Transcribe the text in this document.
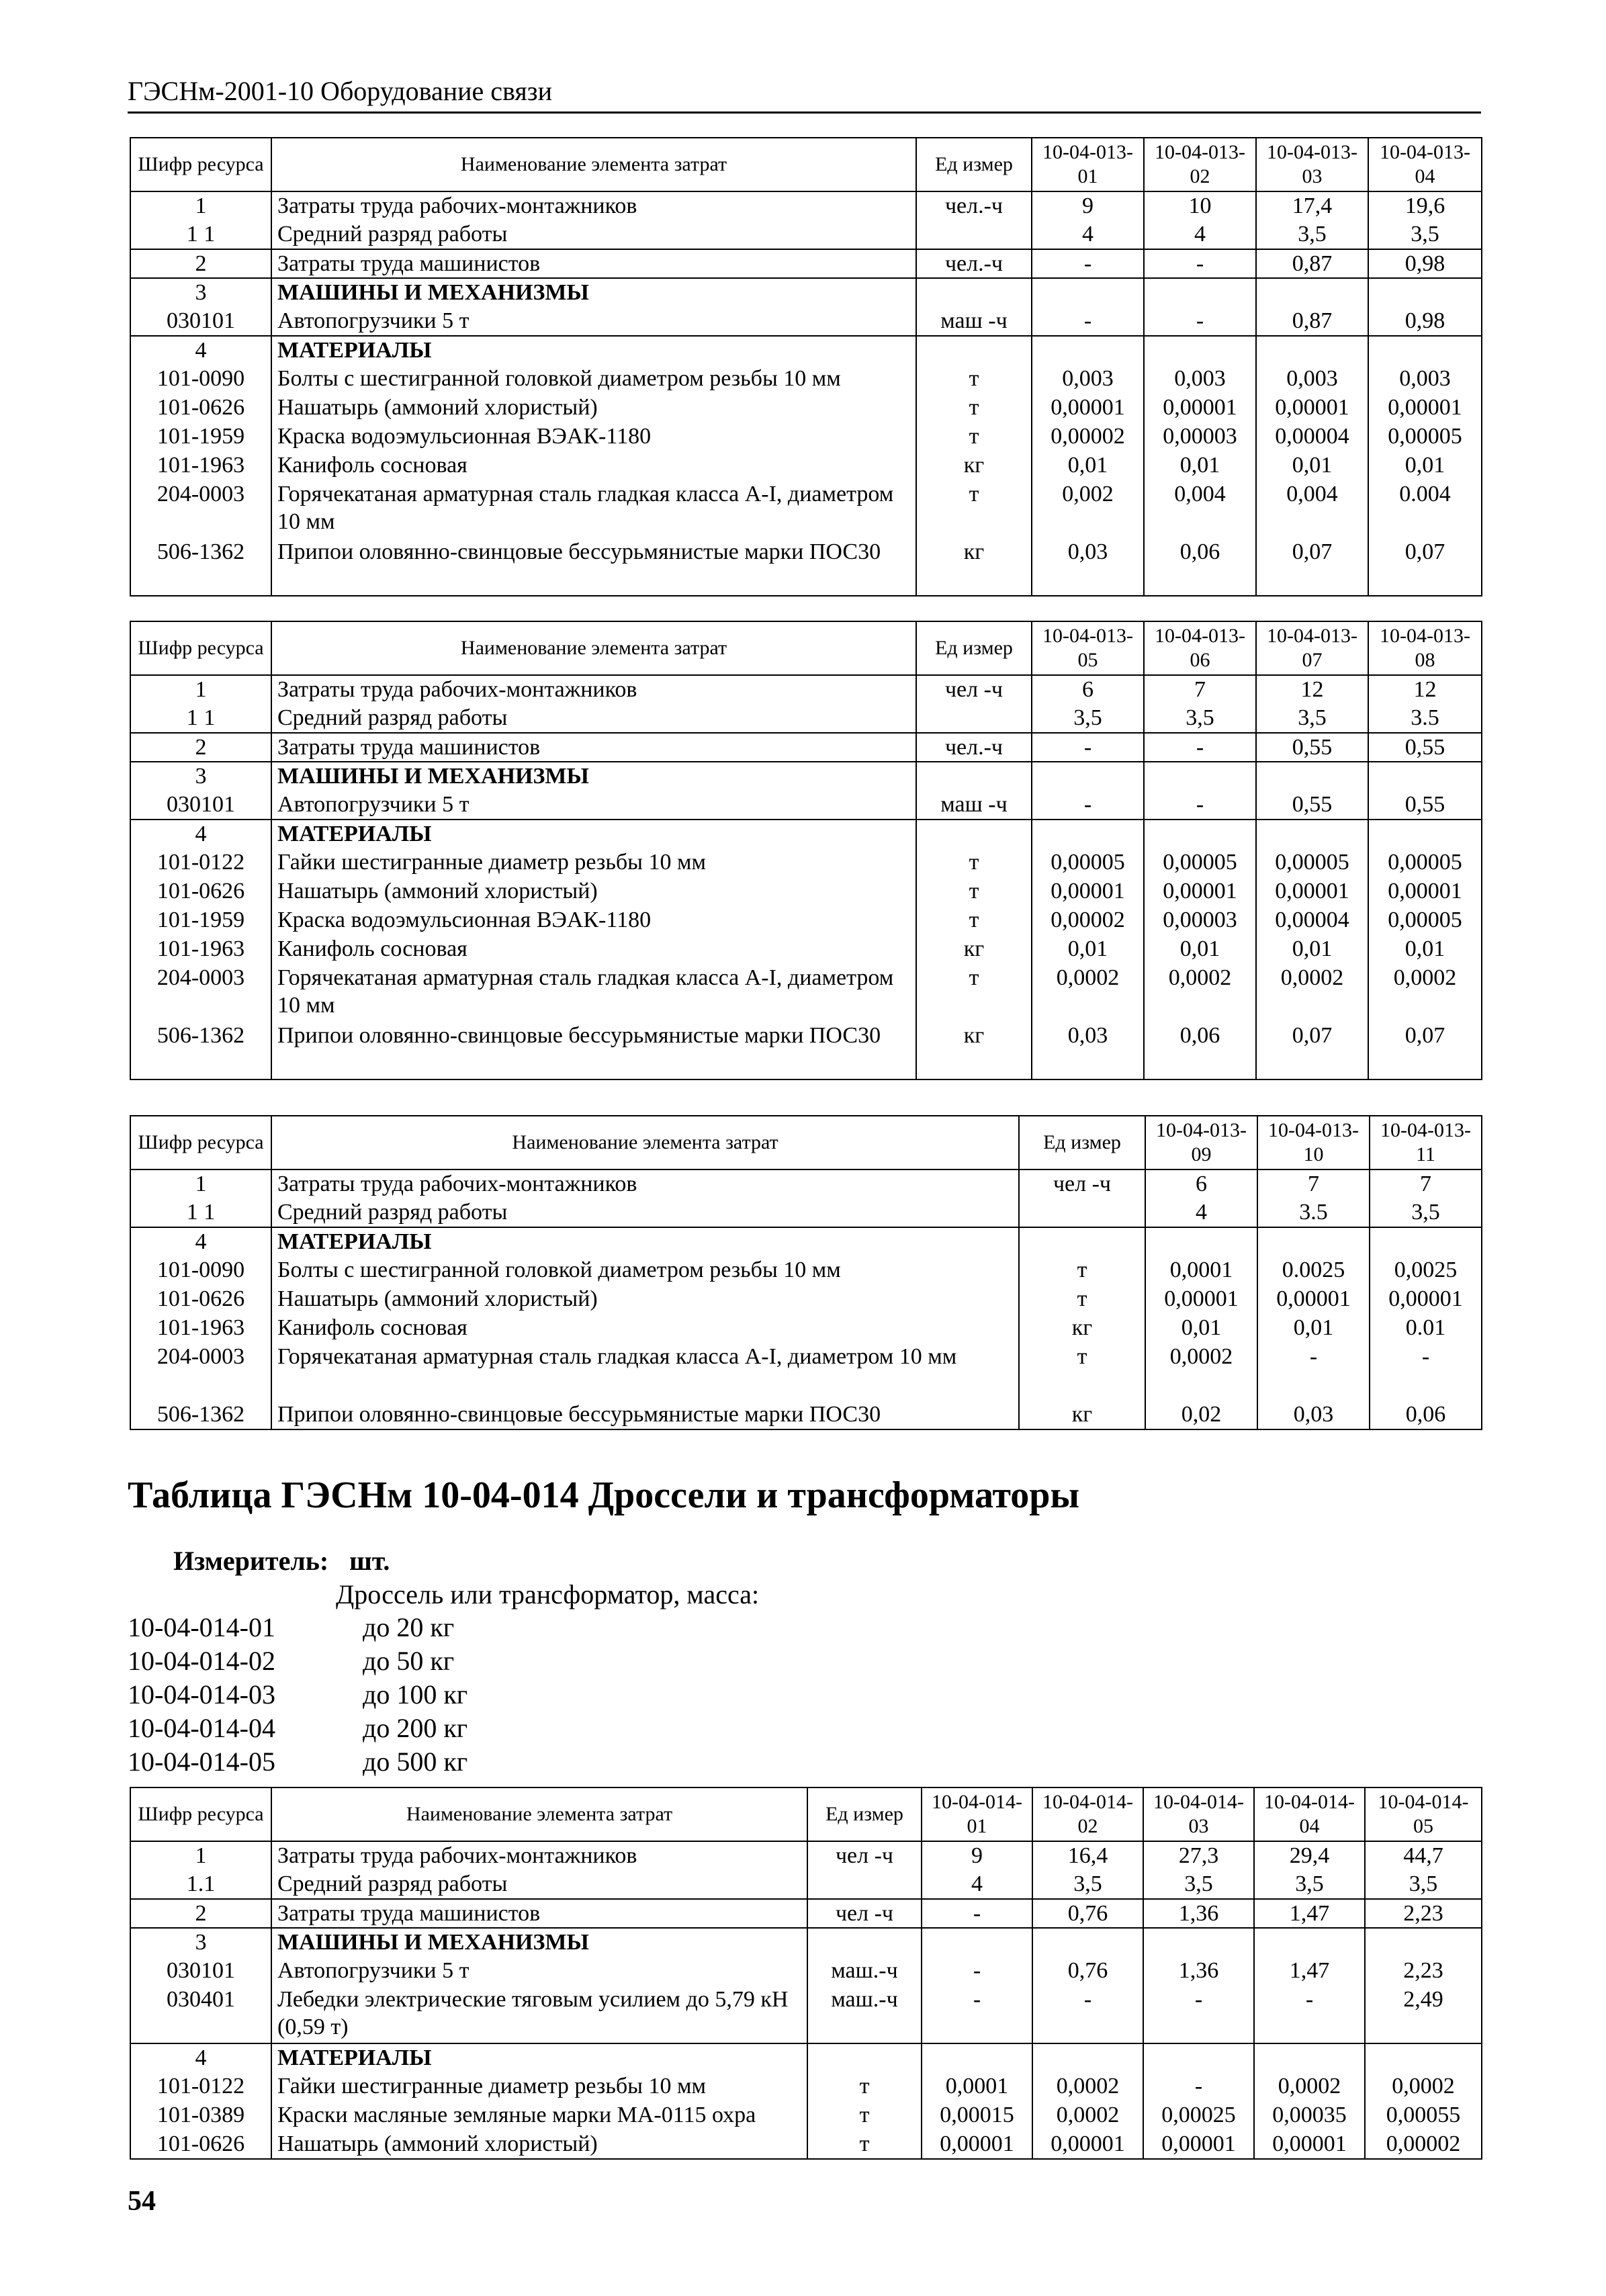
ГЭСНм-2001-10 Оборудование связи
Шифр ресурса	Наименование элемента затрат	Ед измер	10-04-013-01	10-04-013-02	10-04-013-03	10-04-013-04
1	Затраты труда рабочих-монтажников	чел.-ч	9	10	17,4	19,6
1 1	Средний разряд работы		4	4	3,5	3,5
2	Затраты труда машинистов	чел.-ч	-	-	0,87	0,98
3	МАШИНЫ И МЕХАНИЗМЫ					
030101	Автопогрузчики 5 т	маш -ч	-	-	0,87	0,98
4	МАТЕРИАЛЫ					
101-0090	Болты с шестигранной головкой диаметром резьбы 10 мм	т	0,003	0,003	0,003	0,003
101-0626	Нашатырь (аммоний хлористый)	т	0,00001	0,00001	0,00001	0,00001
101-1959	Краска водоэмульсионная ВЭАК-1180	т	0,00002	0,00003	0,00004	0,00005
101-1963	Канифоль сосновая	кг	0,01	0,01	0,01	0,01
204-0003	Горячекатаная арматурная сталь гладкая класса А-I, диаметром 10 мм	т	0,002	0,004	0,004	0.004
506-1362	Припои оловянно-свинцовые бессурьмянистые марки ПОС30	кг	0,03	0,06	0,07	0,07
Шифр ресурса	Наименование элемента затрат	Ед измер	10-04-013-05	10-04-013-06	10-04-013-07	10-04-013-08
1	Затраты труда рабочих-монтажников	чел -ч	6	7	12	12
1 1	Средний разряд работы		3,5	3,5	3,5	3.5
2	Затраты труда машинистов	чел.-ч	-	-	0,55	0,55
3	МАШИНЫ И МЕХАНИЗМЫ					
030101	Автопогрузчики 5 т	маш -ч	-	-	0,55	0,55
4	МАТЕРИАЛЫ					
101-0122	Гайки шестигранные диаметр резьбы 10 мм	т	0,00005	0,00005	0,00005	0,00005
101-0626	Нашатырь (аммоний хлористый)	т	0,00001	0,00001	0,00001	0,00001
101-1959	Краска водоэмульсионная ВЭАК-1180	т	0,00002	0,00003	0,00004	0,00005
101-1963	Канифоль сосновая	кг	0,01	0,01	0,01	0,01
204-0003	Горячекатаная арматурная сталь гладкая класса А-I, диаметром 10 мм	т	0,0002	0,0002	0,0002	0,0002
506-1362	Припои оловянно-свинцовые бессурьмянистые марки ПОС30	кг	0,03	0,06	0,07	0,07
Шифр ресурса	Наименование элемента затрат	Ед измер	10-04-013-09	10-04-013-10	10-04-013-11
1	Затраты труда рабочих-монтажников	чел -ч	6	7	7
1 1	Средний разряд работы		4	3.5	3,5
4	МАТЕРИАЛЫ				
101-0090	Болты с шестигранной головкой диаметром резьбы 10 мм	т	0,0001	0.0025	0,0025
101-0626	Нашатырь (аммоний хлористый)	т	0,00001	0,00001	0,00001
101-1963	Канифоль сосновая	кг	0,01	0,01	0.01
204-0003	Горячекатаная арматурная сталь гладкая класса А-I, диаметром 10 мм	т	0,0002	-	-
506-1362	Припои оловянно-свинцовые бессурьмянистые марки ПОС30	кг	0,02	0,03	0,06
Таблица ГЭСНм 10-04-014 Дроссели и трансформаторы
Измеритель: шт.
Дроссель или трансформатор, масса:
10-04-014-01	до 20 кг
10-04-014-02	до 50 кг
10-04-014-03	до 100 кг
10-04-014-04	до 200 кг
10-04-014-05	до 500 кг
Шифр ресурса	Наименование элемента затрат	Ед измер	10-04-014-01	10-04-014-02	10-04-014-03	10-04-014-04	10-04-014-05
1	Затраты труда рабочих-монтажников	чел -ч	9	16,4	27,3	29,4	44,7
1.1	Средний разряд работы		4	3,5	3,5	3,5	3,5
2	Затраты труда машинистов	чел -ч	-	0,76	1,36	1,47	2,23
3	МАШИНЫ И МЕХАНИЗМЫ						
030101	Автопогрузчики 5 т	маш.-ч	-	0,76	1,36	1,47	2,23
030401	Лебедки электрические тяговым усилием до 5,79 кН (0,59 т)	маш.-ч	-	-	-	-	2,49
4	МАТЕРИАЛЫ						
101-0122	Гайки шестигранные диаметр резьбы 10 мм	т	0,0001	0,0002	-	0,0002	0,0002
101-0389	Краски масляные земляные марки МА-0115 охра	т	0,00015	0,0002	0,00025	0,00035	0,00055
101-0626	Нашатырь (аммоний хлористый)	т	0,00001	0,00001	0,00001	0,00001	0,00002
54
